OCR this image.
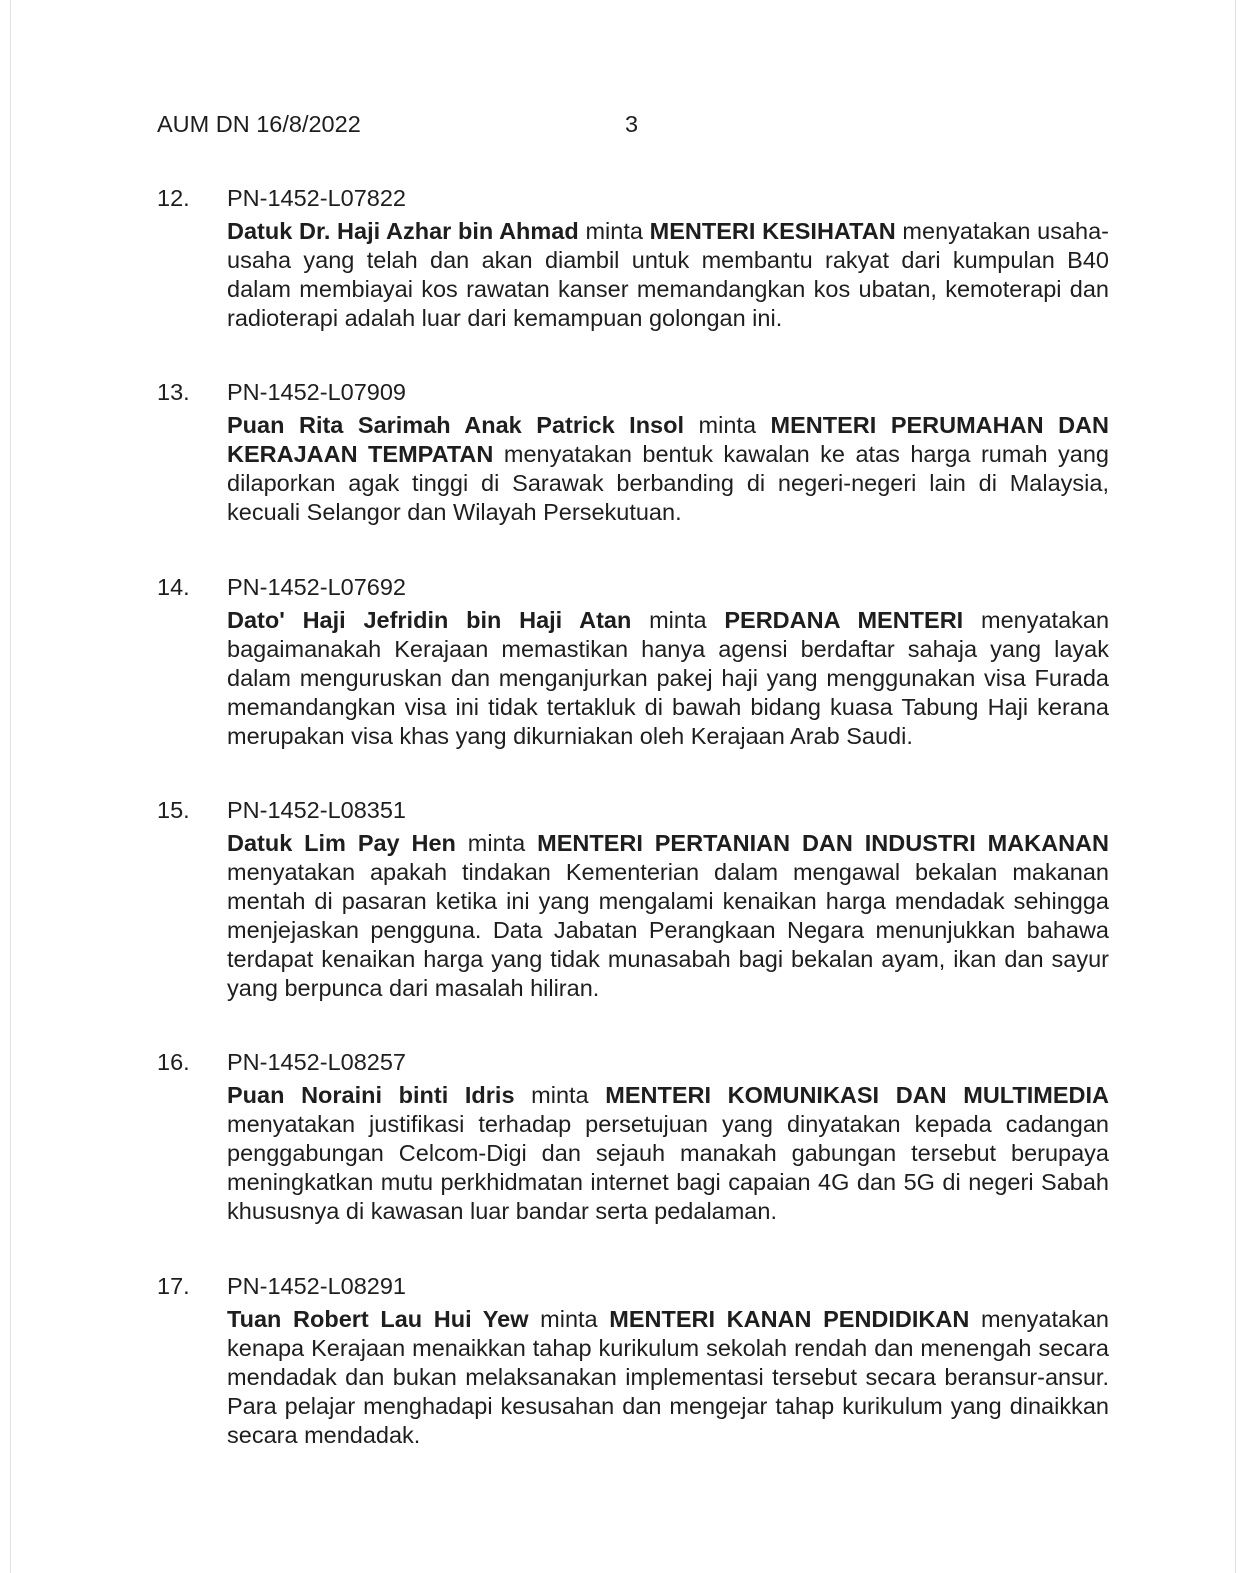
AUM DN 16/8/2022	3
12. PN-1452-L07822
Datuk Dr. Haji Azhar bin Ahmad minta MENTERI KESIHATAN menyatakan usaha-usaha yang telah dan akan diambil untuk membantu rakyat dari kumpulan B40 dalam membiayai kos rawatan kanser memandangkan kos ubatan, kemoterapi dan radioterapi adalah luar dari kemampuan golongan ini.
13. PN-1452-L07909
Puan Rita Sarimah Anak Patrick Insol minta MENTERI PERUMAHAN DAN KERAJAAN TEMPATAN menyatakan bentuk kawalan ke atas harga rumah yang dilaporkan agak tinggi di Sarawak berbanding di negeri-negeri lain di Malaysia, kecuali Selangor dan Wilayah Persekutuan.
14. PN-1452-L07692
Dato' Haji Jefridin bin Haji Atan minta PERDANA MENTERI menyatakan bagaimanakah Kerajaan memastikan hanya agensi berdaftar sahaja yang layak dalam menguruskan dan menganjurkan pakej haji yang menggunakan visa Furada memandangkan visa ini tidak tertakluk di bawah bidang kuasa Tabung Haji kerana merupakan visa khas yang dikurniakan oleh Kerajaan Arab Saudi.
15. PN-1452-L08351
Datuk Lim Pay Hen minta MENTERI PERTANIAN DAN INDUSTRI MAKANAN menyatakan apakah tindakan Kementerian dalam mengawal bekalan makanan mentah di pasaran ketika ini yang mengalami kenaikan harga mendadak sehingga menjejaskan pengguna. Data Jabatan Perangkaan Negara menunjukkan bahawa terdapat kenaikan harga yang tidak munasabah bagi bekalan ayam, ikan dan sayur yang berpunca dari masalah hiliran.
16. PN-1452-L08257
Puan Noraini binti Idris minta MENTERI KOMUNIKASI DAN MULTIMEDIA menyatakan justifikasi terhadap persetujuan yang dinyatakan kepada cadangan penggabungan Celcom-Digi dan sejauh manakah gabungan tersebut berupaya meningkatkan mutu perkhidmatan internet bagi capaian 4G dan 5G di negeri Sabah khususnya di kawasan luar bandar serta pedalaman.
17. PN-1452-L08291
Tuan Robert Lau Hui Yew minta MENTERI KANAN PENDIDIKAN menyatakan kenapa Kerajaan menaikkan tahap kurikulum sekolah rendah dan menengah secara mendadak dan bukan melaksanakan implementasi tersebut secara beransur-ansur. Para pelajar menghadapi kesusahan dan mengejar tahap kurikulum yang dinaikkan secara mendadak.
